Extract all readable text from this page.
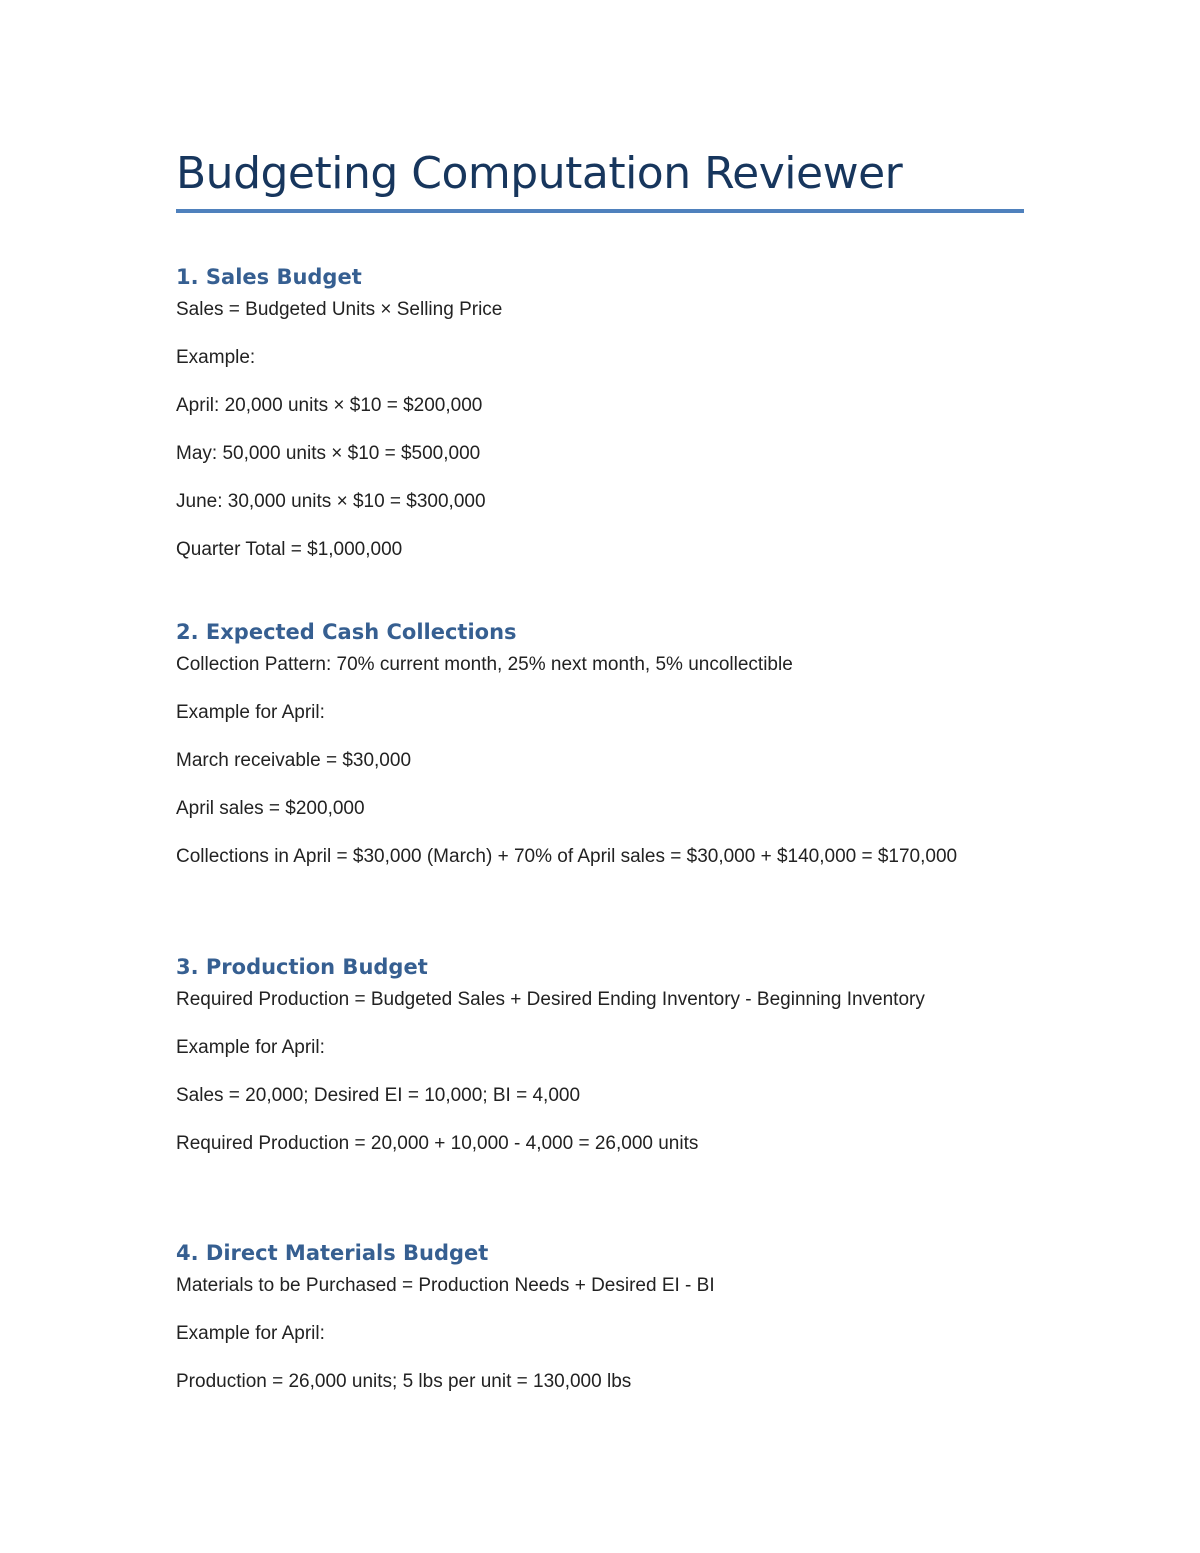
Budgeting Computation Reviewer
1. Sales Budget

Sales = Budgeted Units × Selling Price

Example:

April: 20,000 units × $10 = $200,000

May: 50,000 units × $10 = $500,000

June: 30,000 units × $10 = $300,000

Quarter Total = $1,000,000

2. Expected Cash Collections

Collection Pattern: 70% current month, 25% next month, 5% uncollectible

Example for April:

March receivable = $30,000

April sales = $200,000

Collections in April = $30,000 (March) + 70% of April sales = $30,000 + $140,000 = $170,000

3. Production Budget

Required Production = Budgeted Sales + Desired Ending Inventory - Beginning Inventory

Example for April:

Sales = 20,000; Desired EI = 10,000; BI = 4,000

Required Production = 20,000 + 10,000 - 4,000 = 26,000 units

4. Direct Materials Budget

Materials to be Purchased = Production Needs + Desired EI - BI

Example for April:

Production = 26,000 units; 5 lbs per unit = 130,000 lbs
